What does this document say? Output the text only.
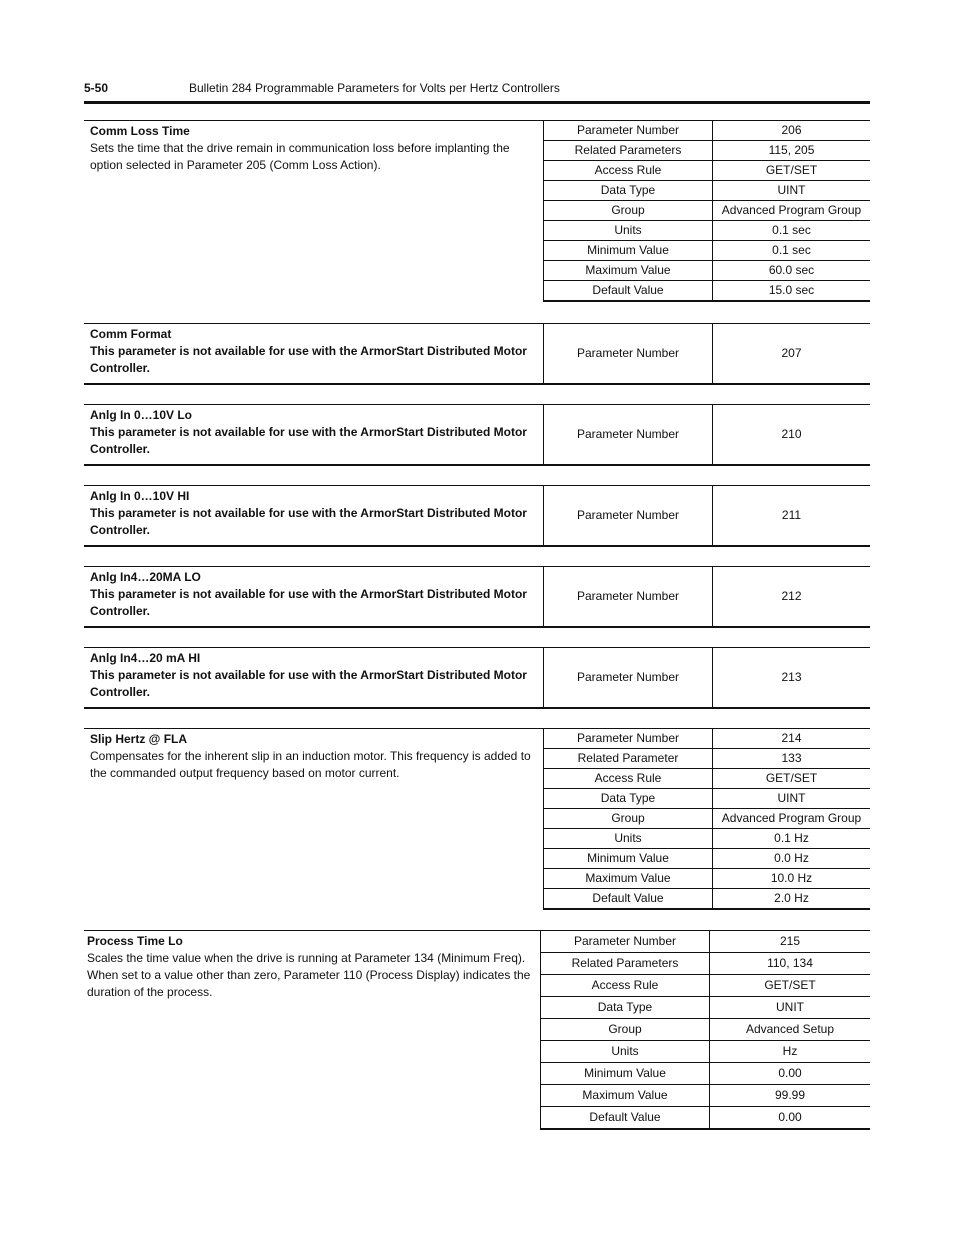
5-50	Bulletin 284 Programmable Parameters for Volts per Hertz Controllers
Comm Loss Time
Sets the time that the drive remain in communication loss before implanting the option selected in Parameter 205 (Comm Loss Action).	Parameter Number	206
	Related Parameters	115, 205
	Access Rule	GET/SET
	Data Type	UINT
	Group	Advanced Program Group
	Units	0.1 sec
	Minimum Value	0.1 sec
	Maximum Value	60.0 sec
	Default Value	15.0 sec
Comm Format
This parameter is not available for use with the ArmorStart Distributed Motor Controller.
	Parameter Number	207
Anlg In 0…10V Lo
This parameter is not available for use with the ArmorStart Distributed Motor Controller.
	Parameter Number	210
Anlg In 0…10V HI
This parameter is not available for use with the ArmorStart Distributed Motor Controller.
	Parameter Number	211
Anlg In4…20MA LO
This parameter is not available for use with the ArmorStart Distributed Motor Controller.
	Parameter Number	212
Anlg In4…20 mA HI
This parameter is not available for use with the ArmorStart Distributed Motor Controller.
	Parameter Number	213
Slip Hertz @ FLA
Compensates for the inherent slip in an induction motor. This frequency is added to the commanded output frequency based on motor current.	Parameter Number	214
	Related Parameter	133
	Access Rule	GET/SET
	Data Type	UINT
	Group	Advanced Program Group
	Units	0.1 Hz
	Minimum Value	0.0 Hz
	Maximum Value	10.0 Hz
	Default Value	2.0 Hz
Process Time Lo
Scales the time value when the drive is running at Parameter 134 (Minimum Freq). When set to a value other than zero, Parameter 110 (Process Display) indicates the duration of the process.	Parameter Number	215
	Related Parameters	110, 134
	Access Rule	GET/SET
	Data Type	UNIT
	Group	Advanced Setup
	Units	Hz
	Minimum Value	0.00
	Maximum Value	99.99
	Default Value	0.00
